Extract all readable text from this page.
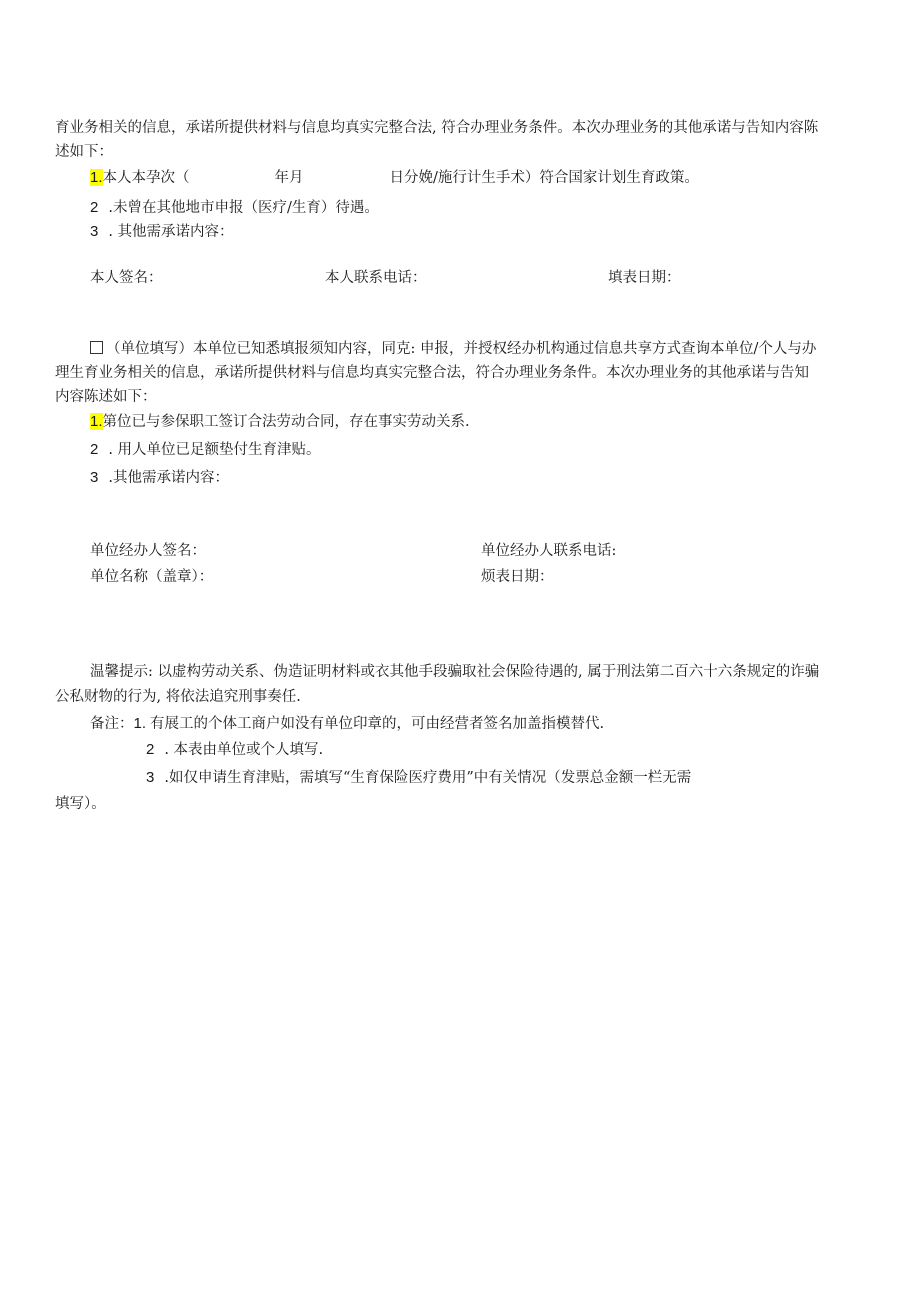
育业务相关的信息，承诺所提供材料与信息均真实完整合法, 符合办理业务条件。本次办理业务的其他承诺与告知内容陈
述如下：
1.本人本孕次（	年月	日分娩/施行计生手术）符合国家计划生育政策。
2 .未曾在其他地市申报（医疗/生育）待遇。
3 . 其他需承诺内容：
本人签名：	本人联系电话：	填表日期：
（单位填写）本单位已知悉填报须知内容，同克: 申报，并授权经办机构通过信息共享方式查询本单位/个人与办
理生育业务相关的信息，承诺所提供材料与信息均真实完整合法，符合办理业务条件。本次办理业务的其他承诺与告知
内容陈述如下：
1.第位已与参保职工签订合法劳动合同，存在事实劳动关系.
2 . 用人单位已足额垫付生育津贴。
3 .其他需承诺内容：
单位经办人签名：	单位经办人联系电话:
单位名称（盖章）：	烦表日期：
温馨提示: 以虚构劳动关系、伪造证明材料或衣其他手段骗取社会保险待遇的, 属于刑法第二百六十六条规定的诈骗
公私财物的行为, 将依法追究刑事奏任.
备注：1. 有展工的个体工商户如没有单位印章的，可由经营者签名加盖指模替代.
2 . 本表由单位或个人填写.
3 .如仅申请生育津贴，需填写“生育保险医疗费用”中有关情况（发票总金额一栏无需
填写）。
